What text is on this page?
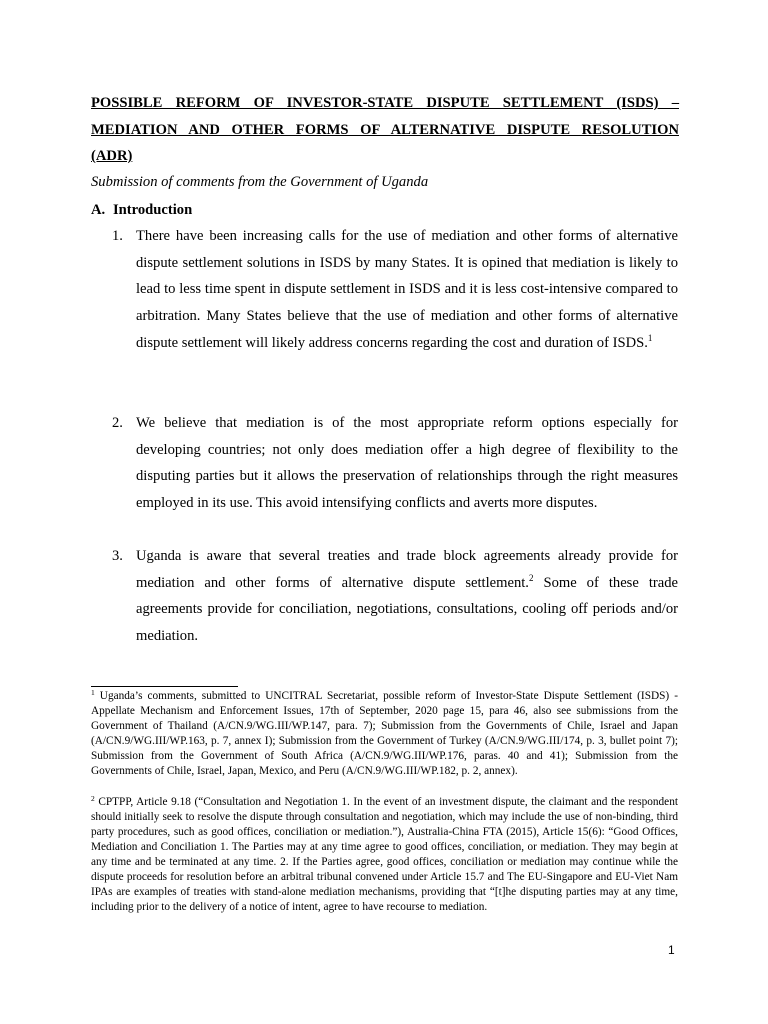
POSSIBLE REFORM OF INVESTOR-STATE DISPUTE SETTLEMENT (ISDS) –
MEDIATION AND OTHER FORMS OF ALTERNATIVE DISPUTE RESOLUTION

(ADR)
Submission of comments from the Government of Uganda
A. Introduction
1. There have been increasing calls for the use of mediation and other forms of alternative dispute settlement solutions in ISDS by many States. It is opined that mediation is likely to lead to less time spent in dispute settlement in ISDS and it is less cost-intensive compared to arbitration. Many States believe that the use of mediation and other forms of alternative dispute settlement will likely address concerns regarding the cost and duration of ISDS.$^1$
2. We believe that mediation is of the most appropriate reform options especially for developing countries; not only does mediation offer a high degree of flexibility to the disputing parties but it allows the preservation of relationships through the right measures employed in its use. This avoid intensifying conflicts and averts more disputes.
3. Uganda is aware that several treaties and trade block agreements already provide for mediation and other forms of alternative dispute settlement.$^2$ Some of these trade agreements provide for conciliation, negotiations, consultations, cooling off periods and/or mediation.
$^1$ Uganda’s comments, submitted to UNCITRAL Secretariat, possible reform of Investor-State Dispute Settlement (ISDS) - Appellate Mechanism and Enforcement Issues, 17th of September, 2020 page 15, para 46, also see submissions from the Government of Thailand (A/CN.9/WG.III/WP.147, para. 7); Submission from the Governments of Chile, Israel and Japan (A/CN.9/WG.III/WP.163, p. 7, annex I); Submission from the Government of Turkey (A/CN.9/WG.III/174, p. 3, bullet point 7); Submission from the Government of South Africa (A/CN.9/WG.III/WP.176, paras. 40 and 41); Submission from the Governments of Chile, Israel, Japan, Mexico, and Peru (A/CN.9/WG.III/WP.182, p. 2, annex).
$^2$ CPTPP, Article 9.18 (“Consultation and Negotiation 1. In the event of an investment dispute, the claimant and the respondent should initially seek to resolve the dispute through consultation and negotiation, which may include the use of non-binding, third party procedures, such as good offices, conciliation or mediation.”), Australia-China FTA (2015), Article 15(6): “Good Offices, Mediation and Conciliation 1. The Parties may at any time agree to good offices, conciliation, or mediation. They may begin at any time and be terminated at any time. 2. If the Parties agree, good offices, conciliation or mediation may continue while the dispute proceeds for resolution before an arbitral tribunal convened under Article 15.7 and The EU-Singapore and EU-Viet Nam IPAs are examples of treaties with stand-alone mediation mechanisms, providing that “[t]he disputing parties may at any time, including prior to the delivery of a notice of intent, agree to have recourse to mediation.
1
